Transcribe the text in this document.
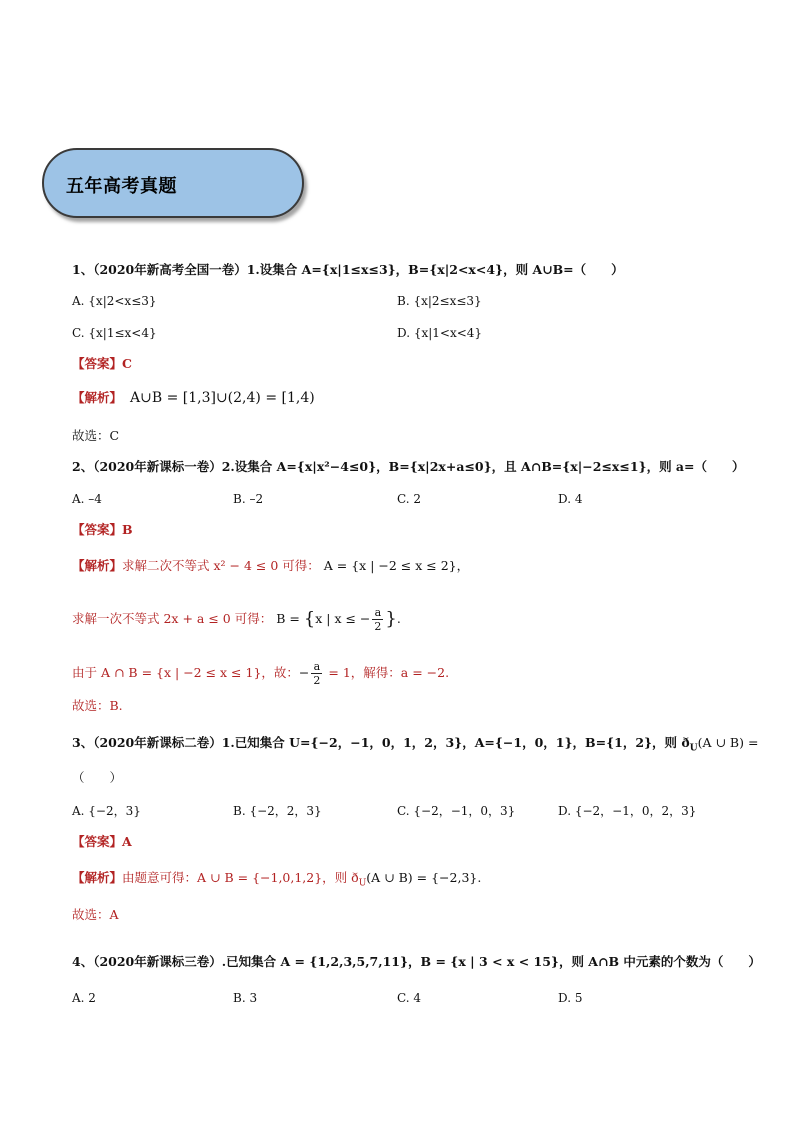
五年高考真题
1、（2020年新高考全国一卷）1.设集合 A={x|1≤x≤3}，B={x|2<x<4}，则 A∪B=（　　）
A. {x|2<x≤3}	B. {x|2≤x≤3}
C. {x|1≤x<4}	D. {x|1<x<4}
【答案】C
【解析】 A∪B = [1,3]∪(2,4) = [1,4)
故选：C
2、（2020年新课标一卷）2.设集合 A={x|x²−4≤0}，B={x|2x+a≤0}，且 A∩B={x|−2≤x≤1}，则 a=（　　）
A. –4	B. –2	C. 2	D. 4
【答案】B
【解析】求解二次不等式 x² − 4 ≤ 0 可得： A = {x | −2 ≤ x ≤ 2}，
求解一次不等式 2x + a ≤ 0 可得： B = {x | x ≤ − $\frac{a}{2}$ }.
由于 A ∩ B = {x | −2 ≤ x ≤ 1}，故：− $\frac{a}{2} = 1$，解得：a = −2.
故选：B.
3、（2020年新课标二卷）1.已知集合 U={−2，−1，0，1，2，3}，A={−1，0，1}，B={1，2}，则 $ð_U(A$ ∪ B) =
（　　）
A. {−2，3}	B. {−2，2，3}	C. {−2，−1，0，3}	D. {−2，−1，0，2，3}
【答案】A
【解析】由题意可得：A ∪ B = {−1,0,1,2}，则 $ð_U(A$ ∪ B) = {−2,3}.
故选：A
4、（2020年新课标三卷）.已知集合 A = {1,2,3,5,7,11}，B = {x | 3 < x < 15}，则 A∩B 中元素的个数为（　　）
A. 2	B. 3	C. 4	D. 5
